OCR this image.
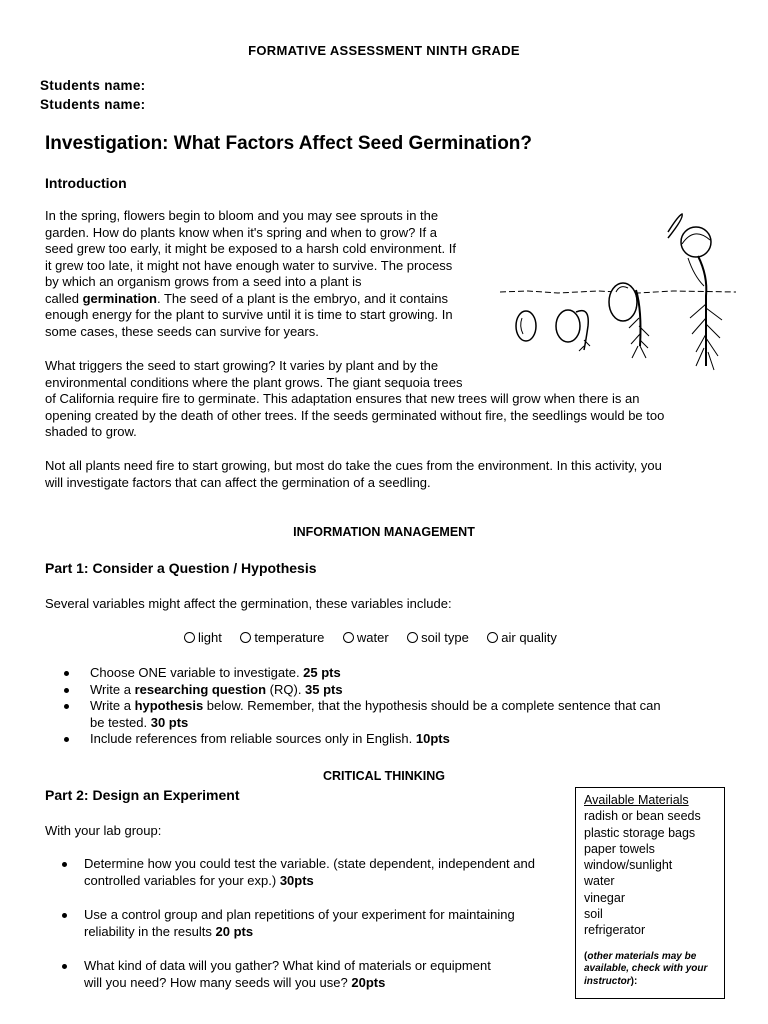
FORMATIVE ASSESSMENT NINTH GRADE
Students name:
Students name:
Investigation: What Factors Affect Seed Germination?
Introduction
In the spring, flowers begin to bloom and you may see sprouts in the
garden. How do plants know when it's spring and when to grow? If a
seed grew too early, it might be exposed to a harsh cold environment. If
it grew too late, it might not have enough water to survive. The process
by which an organism grows from a seed into a plant is
called germination. The seed of a plant is the embryo, and it contains
enough energy for the plant to survive until it is time to start growing. In
some cases, these seeds can survive for years.
What triggers the seed to start growing? It varies by plant and by the
environmental conditions where the plant grows. The giant sequoia trees
of California require fire to germinate. This adaptation ensures that new trees will grow when there is an
opening created by the death of other trees. If the seeds germinated without fire, the seedlings would be too
shaded to grow.
Not all plants need fire to start growing, but most do take the cues from the environment. In this activity, you
will investigate factors that can affect the germination of a seedling.
INFORMATION MANAGEMENT
Part 1: Consider a Question / Hypothesis
Several variables might affect the germination, these variables include:
light temperature water soil type air quality
Choose ONE variable to investigate. 25 pts
Write a researching question (RQ). 35 pts
Write a hypothesis below. Remember, that the hypothesis should be a complete sentence that can
be tested. 30 pts
Include references from reliable sources only in English. 10pts
CRITICAL THINKING
Part 2: Design an Experiment
With your lab group:
Determine how you could test the variable. (state dependent, independent and
controlled variables for your exp.) 30pts
Use a control group and plan repetitions of your experiment for maintaining
reliability in the results 20 pts
What kind of data will you gather? What kind of materials or equipment
will you need? How many seeds will you use? 20pts
Available Materials
radish or bean seeds
plastic storage bags
paper towels
window/sunlight
water
vinegar
soil
refrigerator
(other materials may be available, check with your instructor):
